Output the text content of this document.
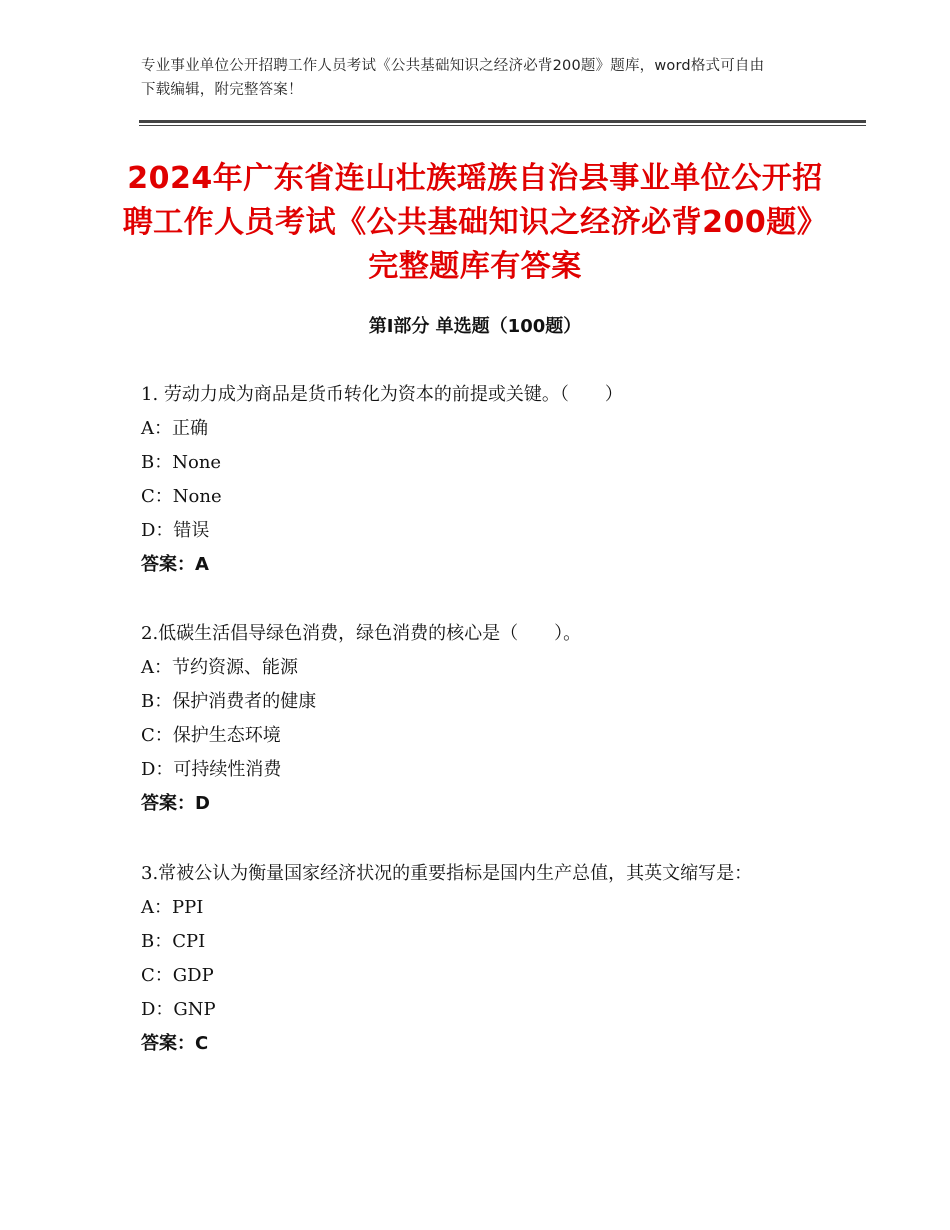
专业事业单位公开招聘工作人员考试《公共基础知识之经济必背200题》题库，word格式可自由下载编辑，附完整答案！
2024年广东省连山壮族瑶族自治县事业单位公开招聘工作人员考试《公共基础知识之经济必背200题》完整题库有答案
第Ⅰ部分 单选题（100题）

1. 劳动力成为商品是货币转化为资本的前提或关键。（　　）

A：正确

B：None

C：None

D：错误

答案：A

2.低碳生活倡导绿色消费，绿色消费的核心是（　　）。

A：节约资源、能源

B：保护消费者的健康

C：保护生态环境

D：可持续性消费

答案：D

3.常被公认为衡量国家经济状况的重要指标是国内生产总值，其英文缩写是：

A：PPI

B：CPI

C：GDP

D：GNP

答案：C
